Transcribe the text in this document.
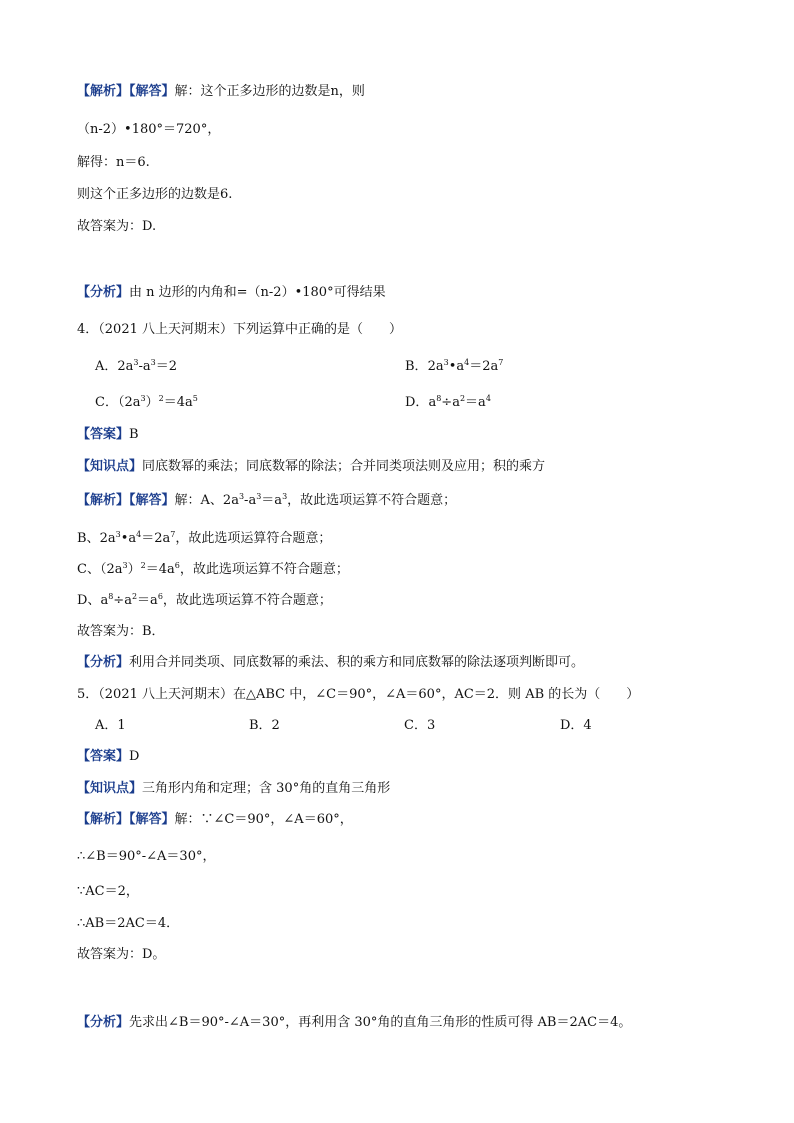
【解析】【解答】解：这个正多边形的边数是n，则
（n-2）•180°＝720°，
解得：n＝6.
则这个正多边形的边数是6.
故答案为：D.
【分析】由 n 边形的内角和=（n-2）•180°可得结果
4．（2021 八上天河期末）下列运算中正确的是（　　）
A．$2a^3-a^3=2$	B．$2a^3•a^4=2a^7$
C．$(2a^3)^2=4a^5$	D．$a^8\div a^2=a^4$
【答案】B
【知识点】同底数幂的乘法；同底数幂的除法；合并同类项法则及应用；积的乘方
【解析】【解答】解：A、$2a^3-a^3=a^3$，故此选项运算不符合题意；
B、$2a^3•a^4=2a^7$，故此选项运算符合题意；
C、$(2a^3)^2=4a^6$，故此选项运算不符合题意；
D、$a^8\div a^2=a^6$，故此选项运算不符合题意；
故答案为：B．
【分析】利用合并同类项、同底数幂的乘法、积的乘方和同底数幂的除法逐项判断即可。
5．（2021 八上天河期末）在△ABC 中，∠C＝90°，∠A＝60°，AC＝2．则 AB 的长为（　　）
A．1	B．2	C．3	D．4
【答案】D
【知识点】三角形内角和定理；含 30°角的直角三角形
【解析】【解答】解：∵∠C＝90°，∠A＝60°，
∴∠B＝90°-∠A＝30°，
∵AC＝2，
∴AB＝2AC＝4．
故答案为：D。
【分析】先求出∠B＝90°-∠A＝30°，再利用含 30°角的直角三角形的性质可得 AB＝2AC＝4。
